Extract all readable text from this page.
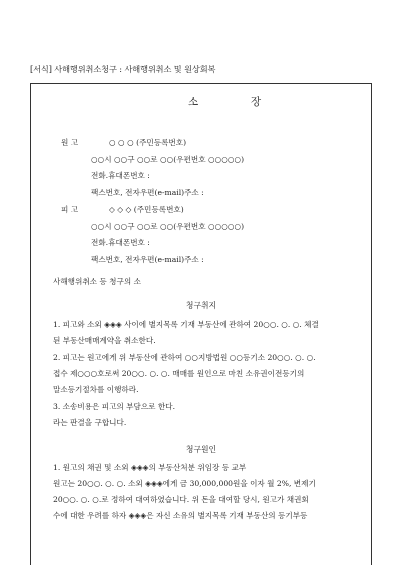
[서식] 사해행위취소청구 : 사해행위취소 및 원상회복
소	장
원 고	○ ○ ○ (주민등록번호)
○○시 ○○구 ○○로 ○○(우편번호 ○○○○○)
전화․휴대폰번호 :
팩스번호, 전자우편(e-mail)주소 :
피 고	◇ ◇ ◇ (주민등록번호)
○○시 ○○구 ○○로 ○○(우편번호 ○○○○○)
전화․휴대폰번호 :
팩스번호, 전자우편(e-mail)주소 :
사해행위취소 등 청구의 소
청구취지
1. 피고와 소외 ◈◈◈ 사이에 별지목록 기재 부동산에 관하여 20○○. ○. ○. 체결
된 부동산매매계약을 취소한다.
2. 피고는 원고에게 위 부동산에 관하여 ○○지방법원 ○○등기소 20○○. ○. ○.
접수 제○○○호로써 20○○. ○. ○. 매매를 원인으로 마친 소유권이전등기의
말소등기절차를 이행하라.
3. 소송비용은 피고의 부담으로 한다.
라는 판결을 구합니다.
청구원인
1. 원고의 채권 및 소외 ◈◈◈의 부동산처분 위임장 등 교부
원고는 20○○. ○. ○. 소외 ◈◈◈에게 금 30,000,000원을 이자 월 2%, 변제기
20○○. ○. ○.로 정하여 대여하였습니다. 위 돈을 대여할 당시, 원고가 채권회
수에 대한 우려를 하자 ◈◈◈은 자신 소유의 별지목록 기재 부동산의 등기부등
